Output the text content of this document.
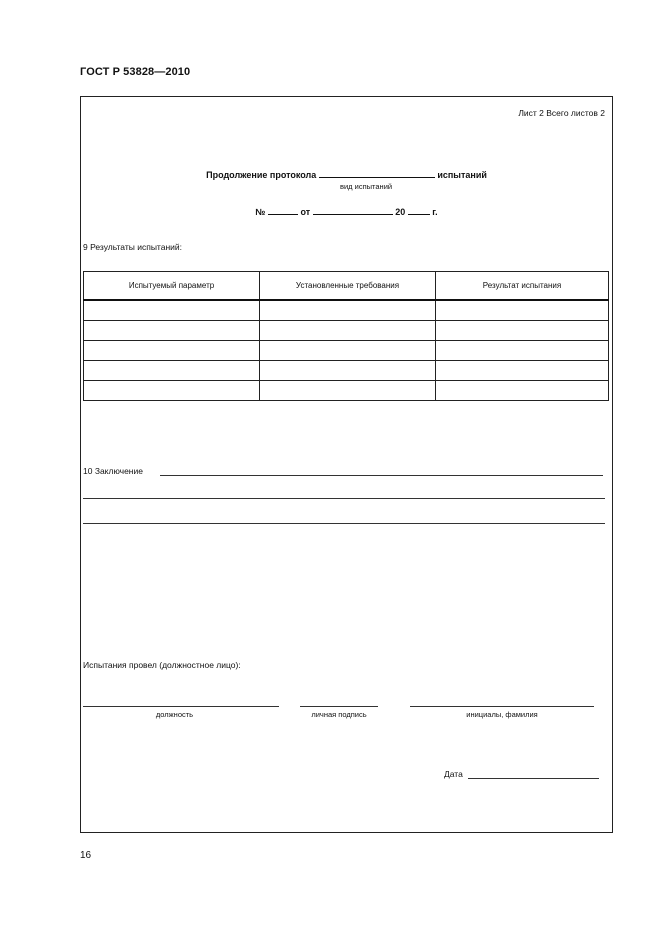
ГОСТ Р 53828—2010
Лист 2 Всего листов 2
Продолжение протокола	испытаний
вид испытаний
№	от	20	г.
9 Результаты испытаний:
Испытуемый параметр	Установленные требования	Результат испытания

10 Заключение
Испытания провел (должностное лицо):
должность	личная подпись	инициалы, фамилия
Дата
16
